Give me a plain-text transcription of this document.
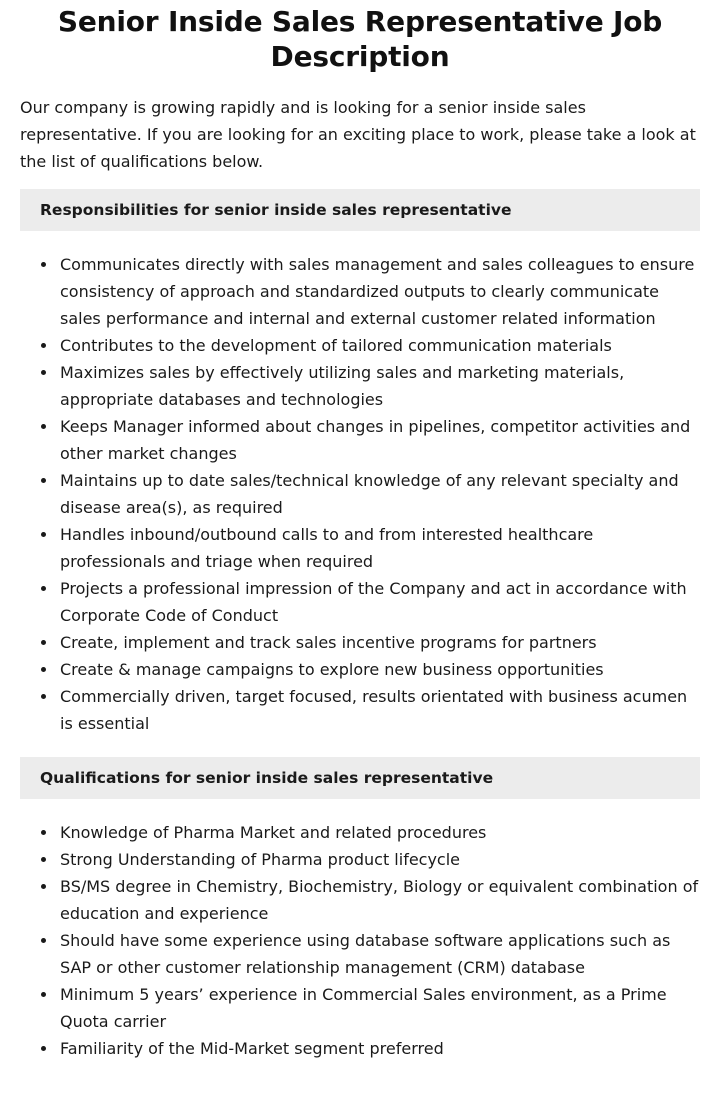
Senior Inside Sales Representative Job Description

Our company is growing rapidly and is looking for a senior inside sales representative. If you are looking for an exciting place to work, please take a look at the list of qualifications below.

Responsibilities for senior inside sales representative
Communicates directly with sales management and sales colleagues to ensure consistency of approach and standardized outputs to clearly communicate sales performance and internal and external customer related information
Contributes to the development of tailored communication materials
Maximizes sales by effectively utilizing sales and marketing materials, appropriate databases and technologies
Keeps Manager informed about changes in pipelines, competitor activities and other market changes
Maintains up to date sales/technical knowledge of any relevant specialty and disease area(s), as required
Handles inbound/outbound calls to and from interested healthcare professionals and triage when required
Projects a professional impression of the Company and act in accordance with Corporate Code of Conduct
Create, implement and track sales incentive programs for partners
Create & manage campaigns to explore new business opportunities
Commercially driven, target focused, results orientated with business acumen is essential
Qualifications for senior inside sales representative
Knowledge of Pharma Market and related procedures
Strong Understanding of Pharma product lifecycle
BS/MS degree in Chemistry, Biochemistry, Biology or equivalent combination of education and experience
Should have some experience using database software applications such as SAP or other customer relationship management (CRM) database
Minimum 5 years’ experience in Commercial Sales environment, as a Prime Quota carrier
Familiarity of the Mid-Market segment preferred
